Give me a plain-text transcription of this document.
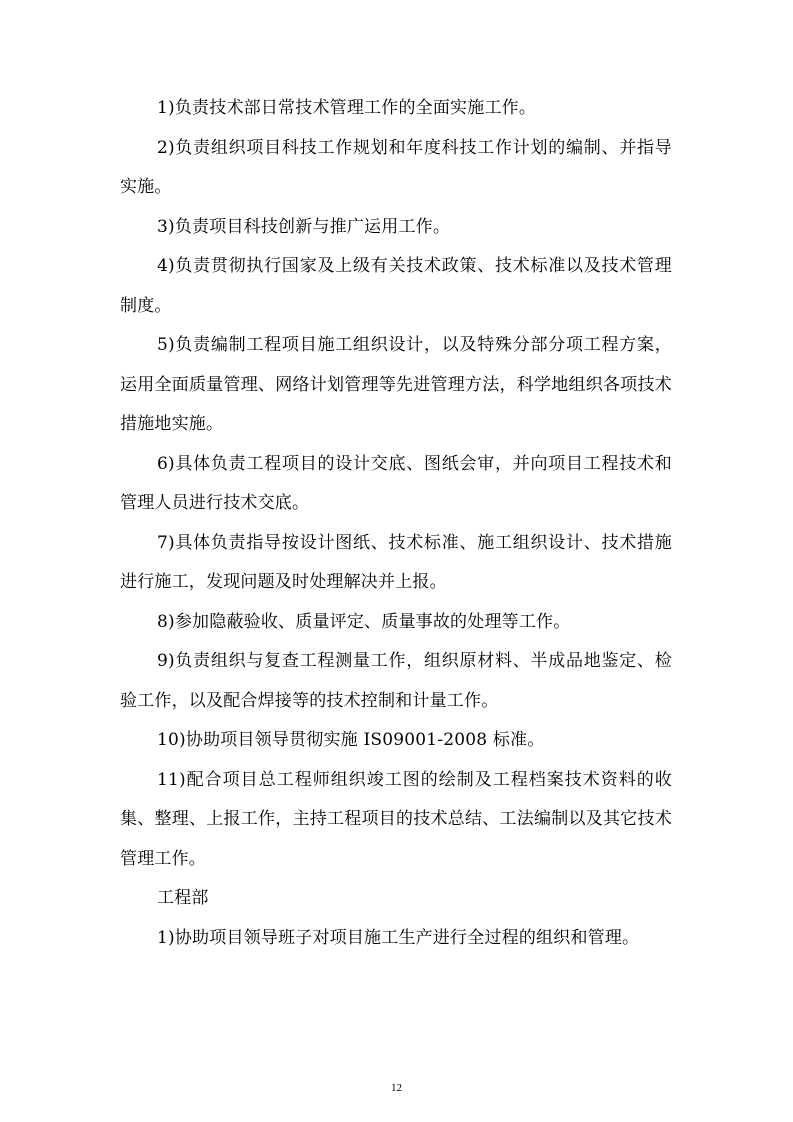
1)负责技术部日常技术管理工作的全面实施工作。

2)负责组织项目科技工作规划和年度科技工作计划的编制、并指导实施。

3)负责项目科技创新与推广运用工作。

4)负责贯彻执行国家及上级有关技术政策、技术标准以及技术管理制度。

5)负责编制工程项目施工组织设计，以及特殊分部分项工程方案，运用全面质量管理、网络计划管理等先进管理方法，科学地组织各项技术措施地实施。

6)具体负责工程项目的设计交底、图纸会审，并向项目工程技术和管理人员进行技术交底。

7)具体负责指导按设计图纸、技术标准、施工组织设计、技术措施进行施工，发现问题及时处理解决并上报。

8)参加隐蔽验收、质量评定、质量事故的处理等工作。

9)负责组织与复查工程测量工作，组织原材料、半成品地鉴定、检验工作，以及配合焊接等的技术控制和计量工作。

10)协助项目领导贯彻实施 IS09001-2008 标准。

11)配合项目总工程师组织竣工图的绘制及工程档案技术资料的收集、整理、上报工作，主持工程项目的技术总结、工法编制以及其它技术管理工作。

工程部

1)协助项目领导班子对项目施工生产进行全过程的组织和管理。

12
